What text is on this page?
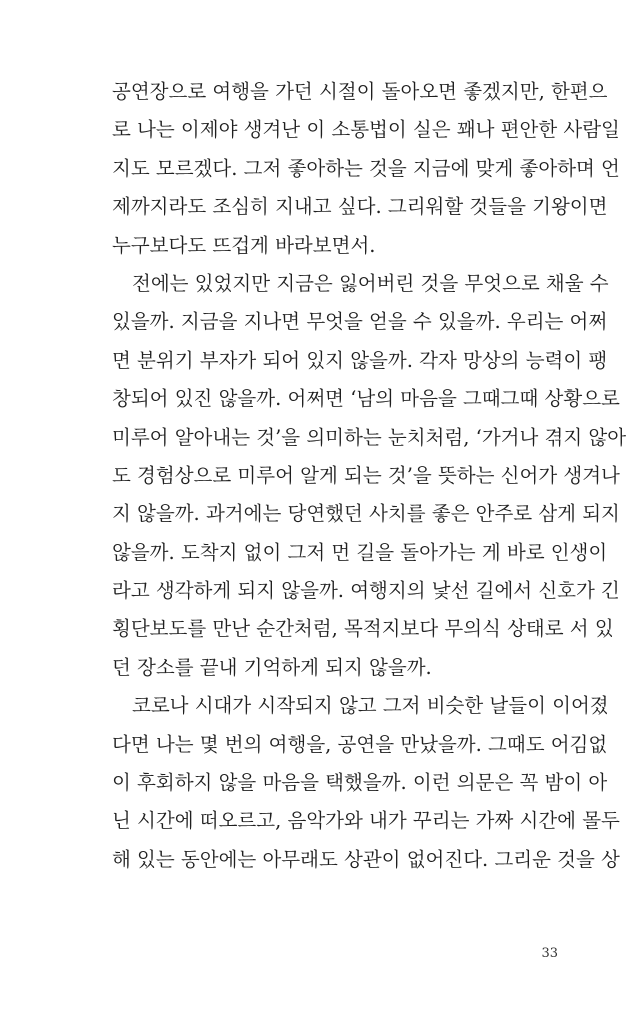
공연장으로 여행을 가던 시절이 돌아오면 좋겠지만, 한편으
로 나는 이제야 생겨난 이 소통법이 실은 꽤나 편안한 사람일
지도 모르겠다. 그저 좋아하는 것을 지금에 맞게 좋아하며 언
제까지라도 조심히 지내고 싶다. 그리워할 것들을 기왕이면
누구보다도 뜨겁게 바라보면서.
전에는 있었지만 지금은 잃어버린 것을 무엇으로 채울 수
있을까. 지금을 지나면 무엇을 얻을 수 있을까. 우리는 어쩌
면 분위기 부자가 되어 있지 않을까. 각자 망상의 능력이 팽
창되어 있진 않을까. 어쩌면 ‘남의 마음을 그때그때 상황으로
미루어 알아내는 것’을 의미하는 눈치처럼, ‘가거나 겪지 않아
도 경험상으로 미루어 알게 되는 것’을 뜻하는 신어가 생겨나
지 않을까. 과거에는 당연했던 사치를 좋은 안주로 삼게 되지
않을까. 도착지 없이 그저 먼 길을 돌아가는 게 바로 인생이
라고 생각하게 되지 않을까. 여행지의 낯선 길에서 신호가 긴
횡단보도를 만난 순간처럼, 목적지보다 무의식 상태로 서 있
던 장소를 끝내 기억하게 되지 않을까.
코로나 시대가 시작되지 않고 그저 비슷한 날들이 이어졌
다면 나는 몇 번의 여행을, 공연을 만났을까. 그때도 어김없
이 후회하지 않을 마음을 택했을까. 이런 의문은 꼭 밤이 아
닌 시간에 떠오르고, 음악가와 내가 꾸리는 가짜 시간에 몰두
해 있는 동안에는 아무래도 상관이 없어진다. 그리운 것을 상
33
